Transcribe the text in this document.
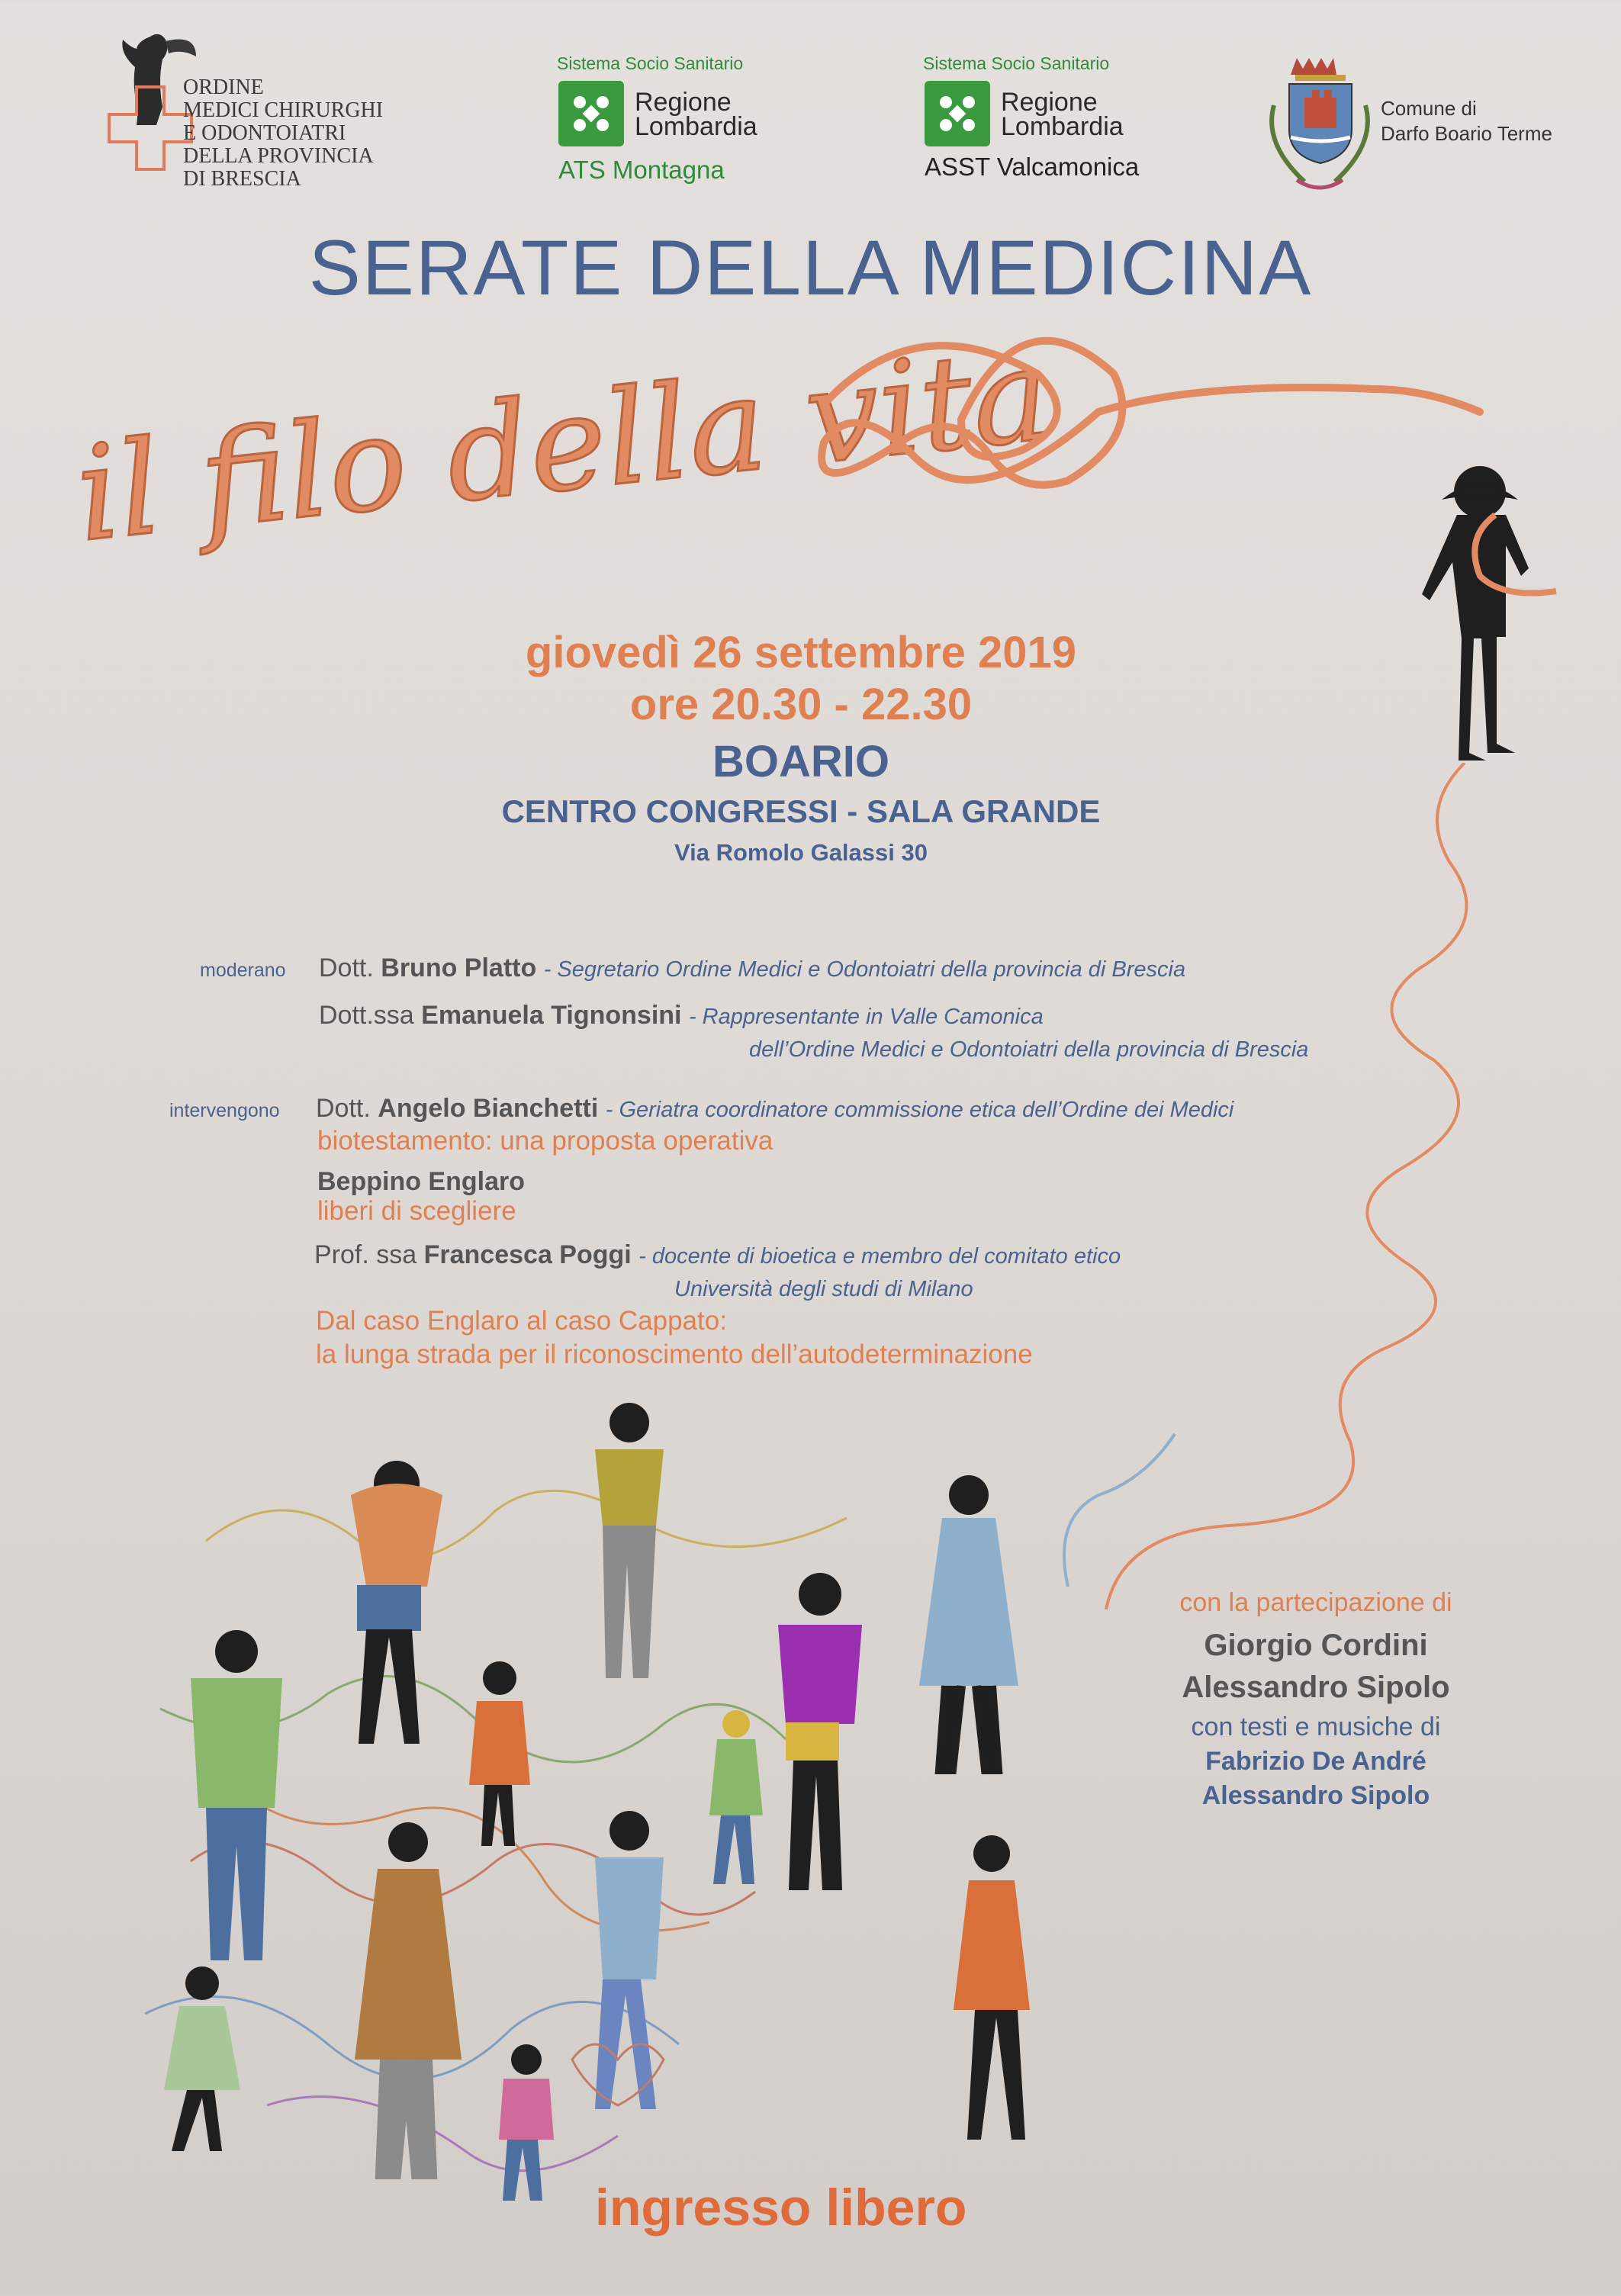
ORDINE
MEDICI CHIRURGHI
E ODONTOIATRI
DELLA PROVINCIA
DI BRESCIA
Sistema Socio Sanitario
Regione
Lombardia
ATS Montagna
Sistema Socio Sanitario
Regione
Lombardia
ASST Valcamonica
Comune di
Darfo Boario Terme
SERATE DELLA MEDICINA
il filo della vita
giovedì 26 settembre 2019
ore 20.30 - 22.30
BOARIO
CENTRO CONGRESSI - SALA GRANDE
Via Romolo Galassi 30
moderano Dott. Bruno Platto - Segretario Ordine Medici e Odontoiatri della provincia di Brescia
Dott.ssa Emanuela Tignonsini - Rappresentante in Valle Camonica
dell’Ordine Medici e Odontoiatri della provincia di Brescia
intervengono Dott. Angelo Bianchetti - Geriatra coordinatore commissione etica dell’Ordine dei Medici
biotestamento: una proposta operativa
Beppino Englaro
liberi di scegliere
Prof. ssa Francesca Poggi - docente di bioetica e membro del comitato etico
Università degli studi di Milano
Dal caso Englaro al caso Cappato:
la lunga strada per il riconoscimento dell’autodeterminazione
con la partecipazione di
Giorgio Cordini
Alessandro Sipolo
con testi e musiche di
Fabrizio De André
Alessandro Sipolo
ingresso libero
